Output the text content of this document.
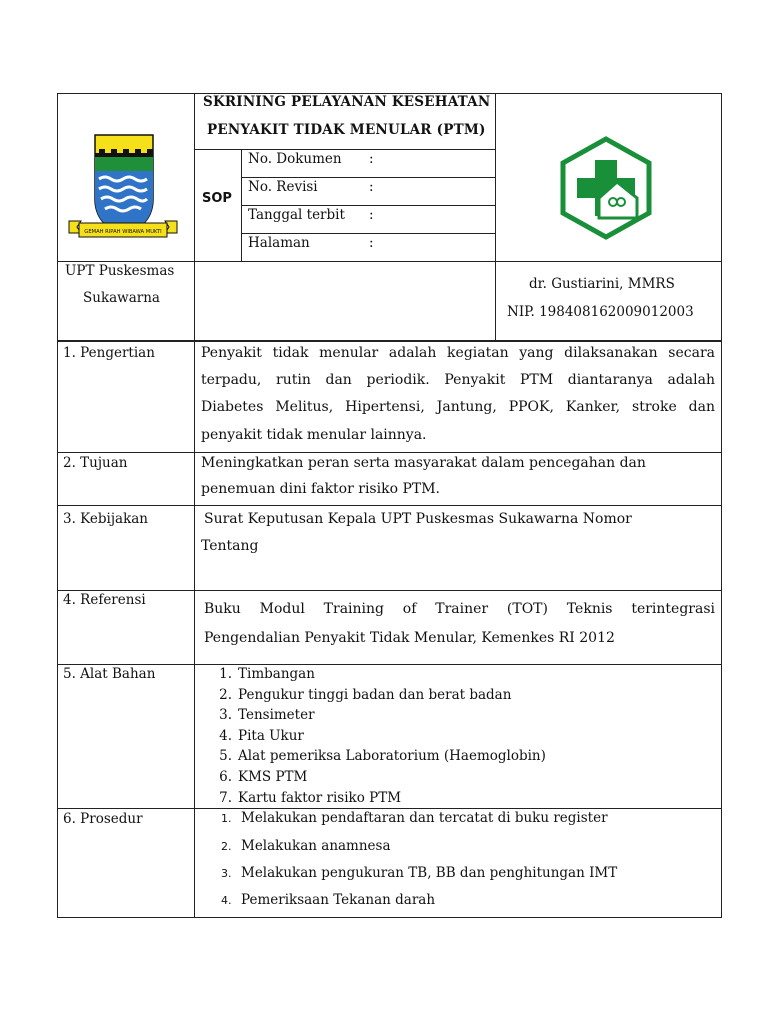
GEMAH RIPAH WIBAWA MUKTI
SKRINING PELAYANAN KESEHATAN
PENYAKIT TIDAK MENULAR (PTM)
SOP
No. Dokumen :
No. Revisi	:
Tanggal terbit :
Halaman	:
UPT Puskesmas
Sukawarna
dr. Gustiarini, MMRS
NIP. 198408162009012003
1. Pengertian	Penyakit tidak menular adalah kegiatan yang dilaksanakan secara
terpadu, rutin dan periodik. Penyakit PTM diantaranya adalah
Diabetes Melitus, Hipertensi, Jantung, PPOK, Kanker, stroke dan
penyakit tidak menular lainnya.
2. Tujuan	Meningkatkan peran serta masyarakat dalam pencegahan dan
penemuan dini faktor risiko PTM.
3. Kebijakan	Surat Keputusan Kepala UPT Puskesmas Sukawarna Nomor
Tentang
4. Referensi
Buku Modul Training of Trainer (TOT) Teknis terintegrasi
Pengendalian Penyakit Tidak Menular, Kemenkes RI 2012
5. Alat Bahan	1. Timbangan
2. Pengukur tinggi badan dan berat badan
3. Tensimeter
4. Pita Ukur
5. Alat pemeriksa Laboratorium (Haemoglobin)
6. KMS PTM
7. Kartu faktor risiko PTM
6. Prosedur	1. Melakukan pendaftaran dan tercatat di buku register
2. Melakukan anamnesa
3. Melakukan pengukuran TB, BB dan penghitungan IMT
4. Pemeriksaan Tekanan darah
